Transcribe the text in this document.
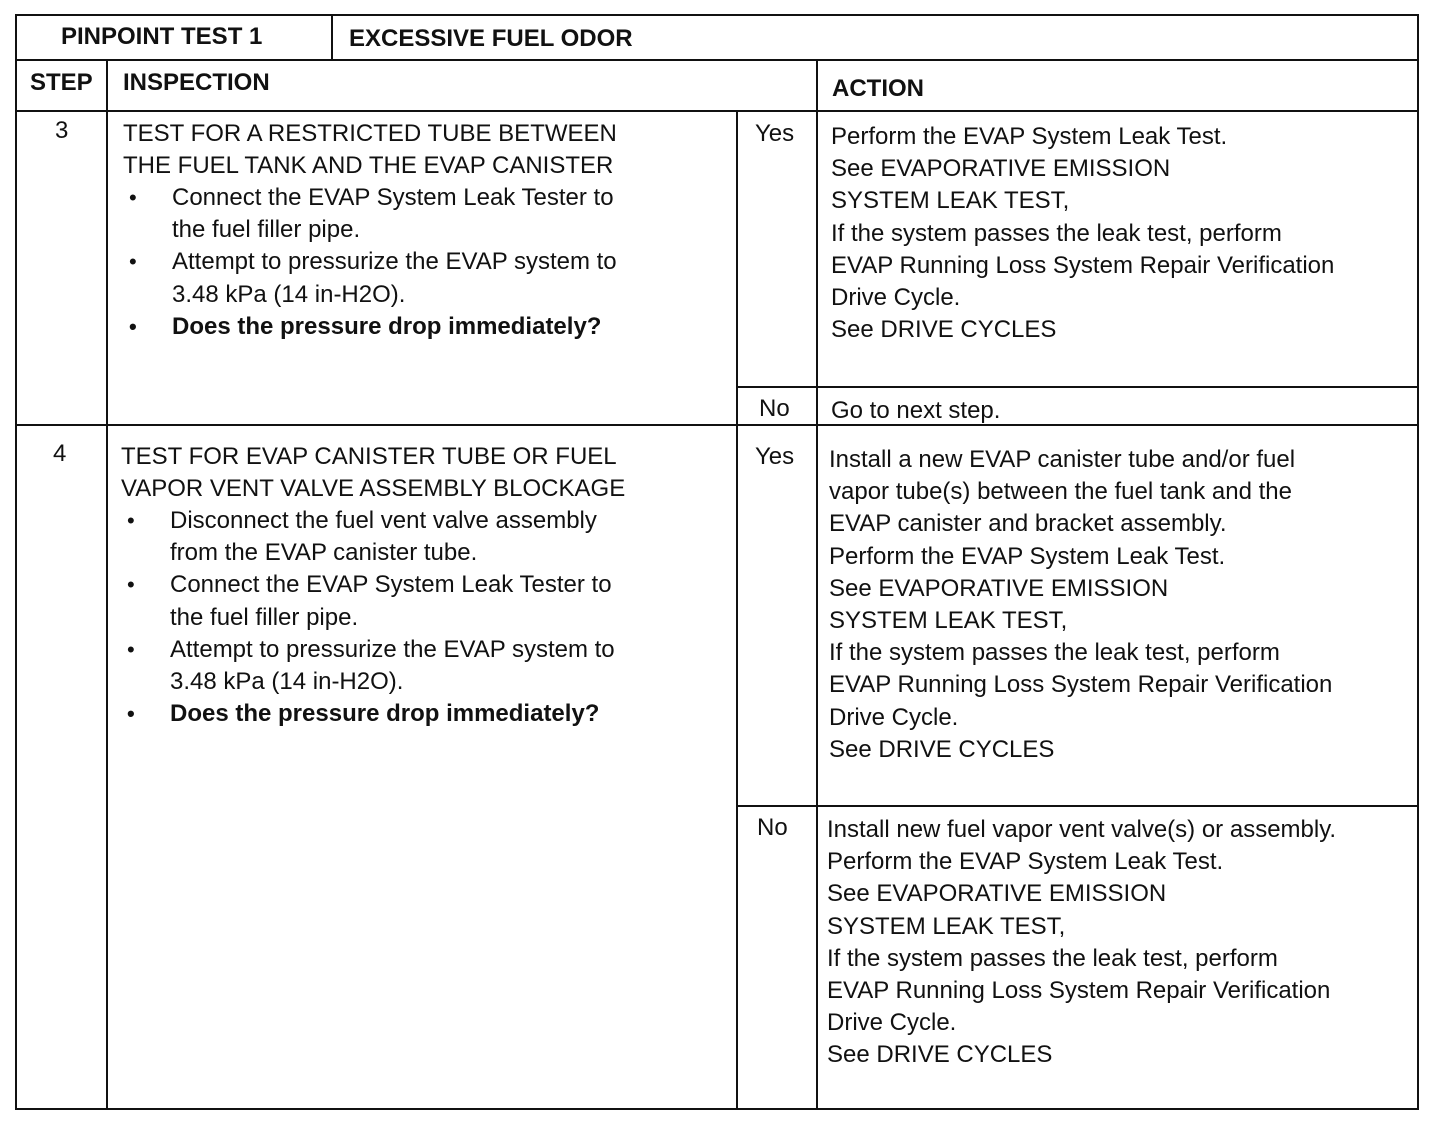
PINPOINT TEST 1	EXCESSIVE FUEL ODOR
STEP INSPECTION	ACTION
3 TEST FOR A RESTRICTED TUBE BETWEEN
THE FUEL TANK AND THE EVAP CANISTER
• Connect the EVAP System Leak Tester to
the fuel filler pipe.
• Attempt to pressurize the EVAP system to
3.48 kPa (14 in-H2O).
• Does the pressure drop immediately?
Yes Perform the EVAP System Leak Test.
See EVAPORATIVE EMISSION
SYSTEM LEAK TEST,
If the system passes the leak test, perform
EVAP Running Loss System Repair Verification
Drive Cycle.
See DRIVE CYCLES
No Go to next step.
4 TEST FOR EVAP CANISTER TUBE OR FUEL
VAPOR VENT VALVE ASSEMBLY BLOCKAGE
• Disconnect the fuel vent valve assembly
from the EVAP canister tube.
• Connect the EVAP System Leak Tester to
the fuel filler pipe.
• Attempt to pressurize the EVAP system to
3.48 kPa (14 in-H2O).
• Does the pressure drop immediately?
Yes Install a new EVAP canister tube and/or fuel
vapor tube(s) between the fuel tank and the
EVAP canister and bracket assembly.
Perform the EVAP System Leak Test.
See EVAPORATIVE EMISSION
SYSTEM LEAK TEST,
If the system passes the leak test, perform
EVAP Running Loss System Repair Verification
Drive Cycle.
See DRIVE CYCLES
No Install new fuel vapor vent valve(s) or assembly.
Perform the EVAP System Leak Test.
See EVAPORATIVE EMISSION
SYSTEM LEAK TEST,
If the system passes the leak test, perform
EVAP Running Loss System Repair Verification
Drive Cycle.
See DRIVE CYCLES
